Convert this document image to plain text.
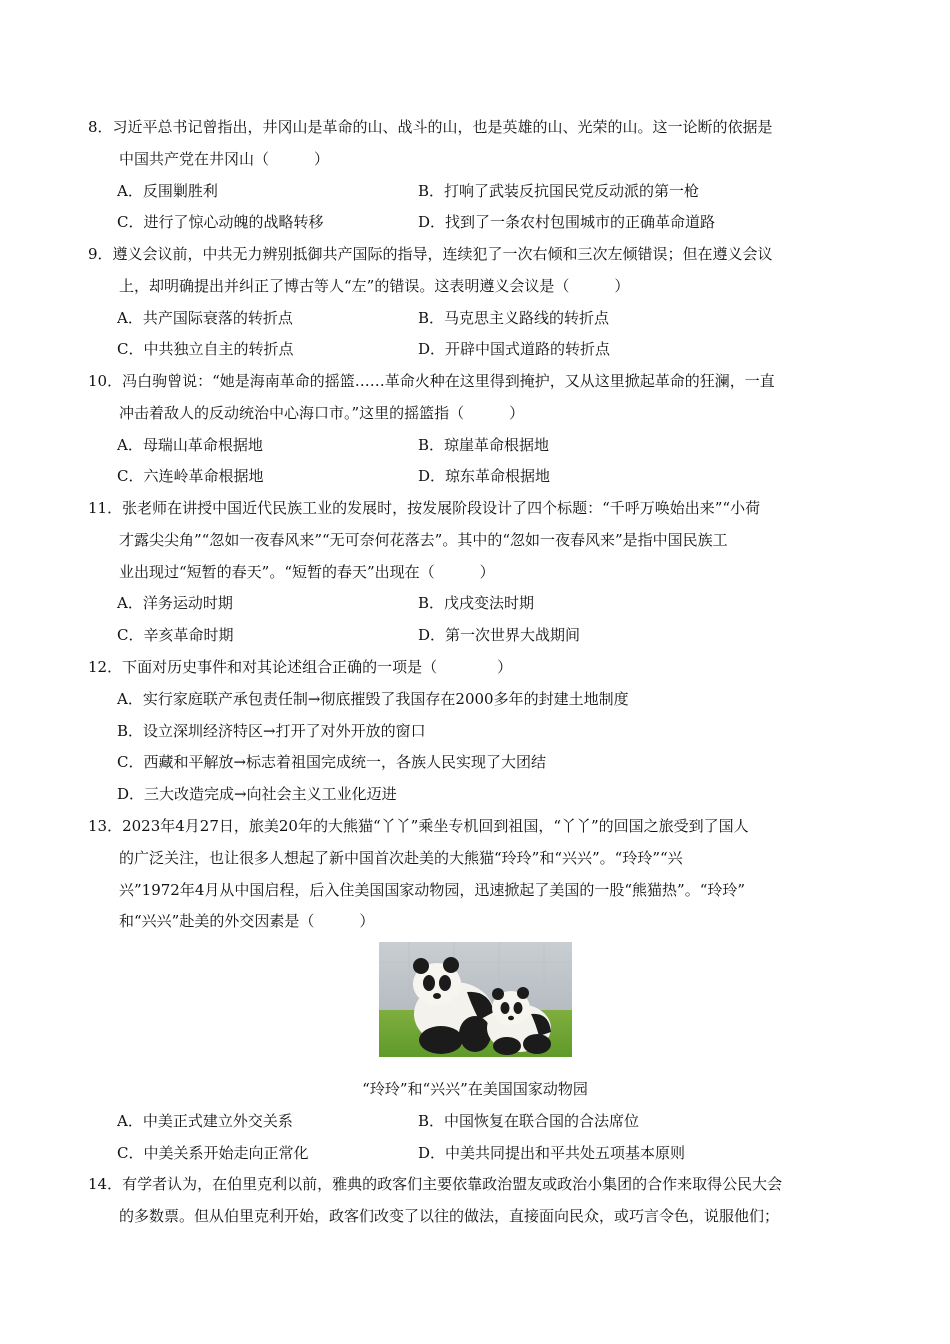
8．习近平总书记曾指出，井冈山是革命的山、战斗的山，也是英雄的山、光荣的山。这一论断的依据是
中国共产党在井冈山（　　　）
A．反围剿胜利	B．打响了武装反抗国民党反动派的第一枪
C．进行了惊心动魄的战略转移	D．找到了一条农村包围城市的正确革命道路
9．遵义会议前，中共无力辨别抵御共产国际的指导，连续犯了一次右倾和三次左倾错误；但在遵义会议
上，却明确提出并纠正了博古等人“左”的错误。这表明遵义会议是（　　　）
A．共产国际衰落的转折点	B．马克思主义路线的转折点
C．中共独立自主的转折点	D．开辟中国式道路的转折点
10．冯白驹曾说：“她是海南革命的摇篮……革命火种在这里得到掩护，又从这里掀起革命的狂澜，一直
冲击着敌人的反动统治中心海口市。”这里的摇篮指（　　　）
A．母瑞山革命根据地	B．琼崖革命根据地
C．六连岭革命根据地	D．琼东革命根据地
11．张老师在讲授中国近代民族工业的发展时，按发展阶段设计了四个标题：“千呼万唤始出来”“小荷
才露尖尖角”“忽如一夜春风来”“无可奈何花落去”。其中的“忽如一夜春风来”是指中国民族工
业出现过“短暂的春天”。“短暂的春天”出现在（　　　）
A．洋务运动时期	B．戊戌变法时期
C．辛亥革命时期	D．第一次世界大战期间
12．下面对历史事件和对其论述组合正确的一项是（　　　　）
A．实行家庭联产承包责任制→彻底摧毁了我国存在2000多年的封建土地制度
B．设立深圳经济特区→打开了对外开放的窗口
C．西藏和平解放→标志着祖国完成统一，各族人民实现了大团结
D．三大改造完成→向社会主义工业化迈进
13．2023年4月27日，旅美20年的大熊猫“丫丫”乘坐专机回到祖国，“丫丫”的回国之旅受到了国人
的广泛关注，也让很多人想起了新中国首次赴美的大熊猫“玲玲”和“兴兴”。“玲玲”“兴
兴”1972年4月从中国启程，后入住美国国家动物园，迅速掀起了美国的一股“熊猫热”。“玲玲”
和“兴兴”赴美的外交因素是（　　　）
“玲玲”和“兴兴”在美国国家动物园
A．中美正式建立外交关系	B．中国恢复在联合国的合法席位
C．中美关系开始走向正常化	D．中美共同提出和平共处五项基本原则
14．有学者认为，在伯里克利以前，雅典的政客们主要依靠政治盟友或政治小集团的合作来取得公民大会
的多数票。但从伯里克利开始，政客们改变了以往的做法，直接面向民众，或巧言令色，说服他们；
